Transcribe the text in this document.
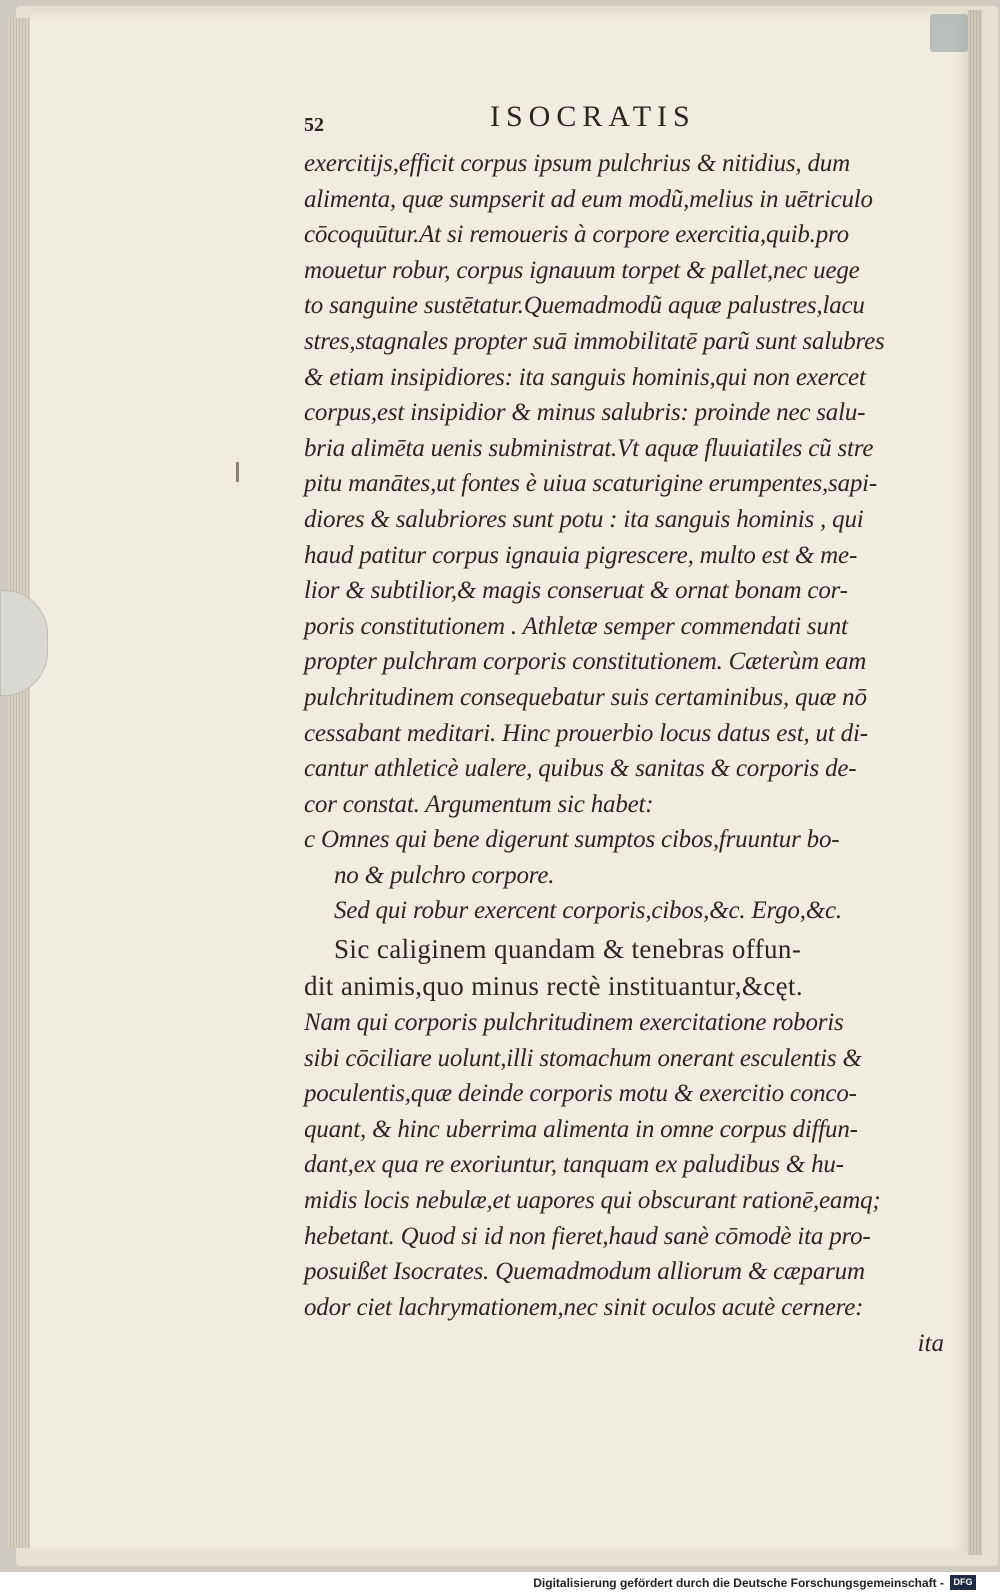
52	ISOCRATIS
exercitijs,efficit corpus ipsum pulchrius & nitidius, dum
alimenta, quæ sumpserit ad eum modũ,melius in uētriculo
cōcoquūtur.At si remoueris à corpore exercitia,quib.pro
mouetur robur, corpus ignauum torpet & pallet,nec uege
to sanguine sustētatur.Quemadmodũ aquæ palustres,lacu
stres,stagnales propter suā immobilitatē parũ sunt salubres
& etiam insipidiores: ita sanguis hominis,qui non exercet
corpus,est insipidior & minus salubris: proinde nec salu-
bria alimēta uenis subministrat.Vt aquæ fluuiatiles cũ stre
pitu manātes,ut fontes è uiua scaturigine erumpentes,sapi-
diores & salubriores sunt potu : ita sanguis hominis , qui
haud patitur corpus ignauia pigrescere, multo est & me-
lior & subtilior,& magis conseruat & ornat bonam cor-
poris constitutionem . Athletæ semper commendati sunt
propter pulchram corporis constitutionem. Cæterùm eam
pulchritudinem consequebatur suis certaminibus, quæ nō
cessabant meditari. Hinc prouerbio locus datus est, ut di-
cantur athleticè ualere, quibus & sanitas & corporis de-
cor constat. Argumentum sic habet:
c Omnes qui bene digerunt sumptos cibos,fruuntur bo-
no & pulchro corpore.
Sed qui robur exercent corporis,cibos,&c. Ergo,&c.
Sic caliginem quandam & tenebras offun-
dit animis,quo minus rectè instituantur,&cęt.
Nam qui corporis pulchritudinem exercitatione roboris
sibi cōciliare uolunt,illi stomachum onerant esculentis &
poculentis,quæ deinde corporis motu & exercitio conco-
quant, & hinc uberrima alimenta in omne corpus diffun-
dant,ex qua re exoriuntur, tanquam ex paludibus & hu-
midis locis nebulæ,et uapores qui obscurant rationē,eamq;
hebetant. Quod si id non fieret,haud sanè cōmodè ita pro-
posuißet Isocrates. Quemadmodum alliorum & cæparum
odor ciet lachrymationem,nec sinit oculos acutè cernere:
ita
Digitalisierung gefördert durch die Deutsche Forschungsgemeinschaft -	DFG
